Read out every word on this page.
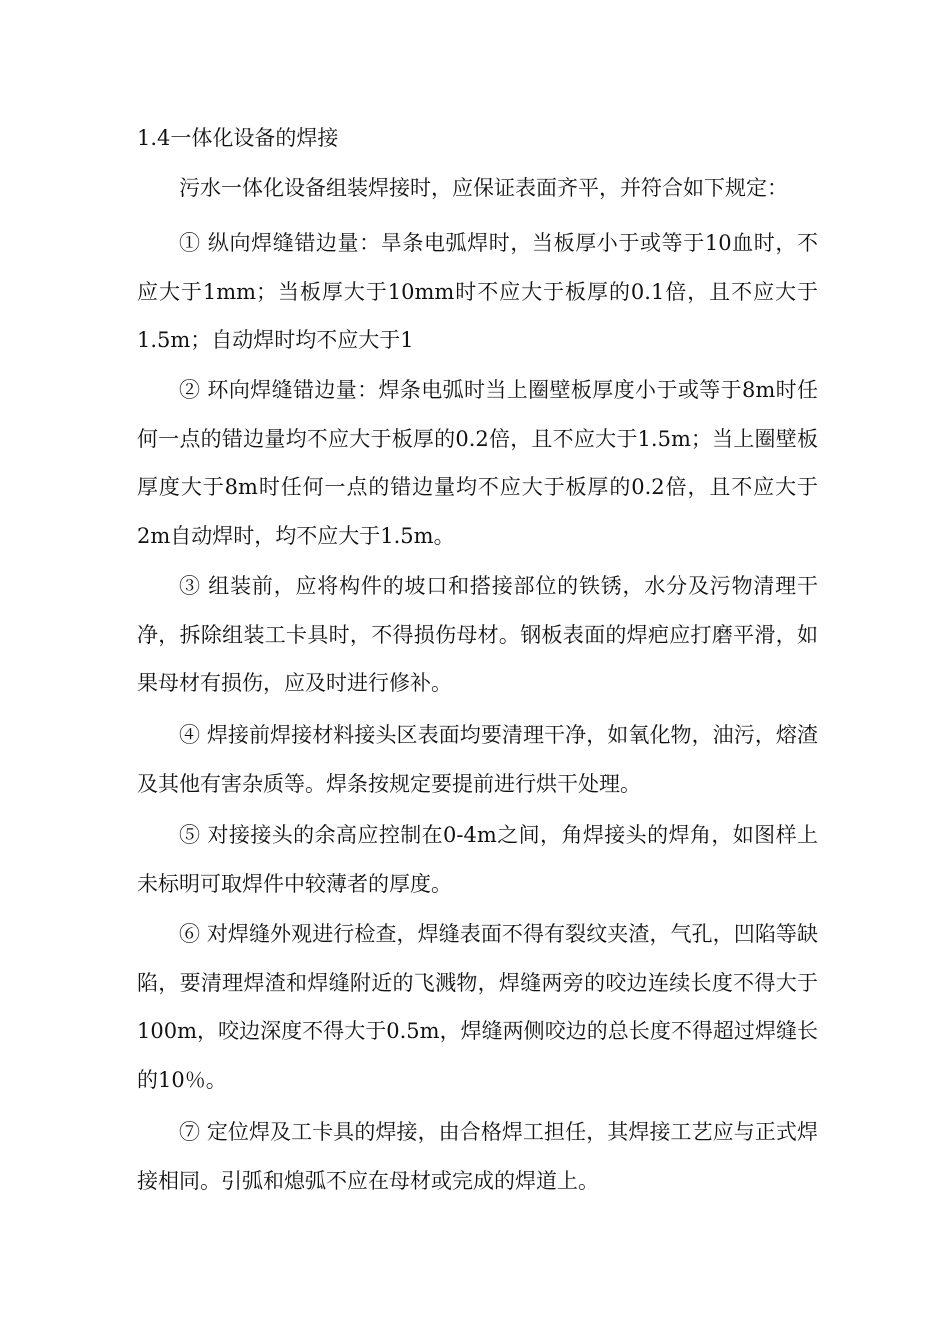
1.4一体化设备的焊接

污水一体化设备组装焊接时，应保证表面齐平，并符合如下规定：

① 纵向焊缝错边量：旱条电弧焊时，当板厚小于或等于10血时，不应大于1mm；当板厚大于10mm时不应大于板厚的0.1倍，且不应大于1.5m；自动焊时均不应大于1

② 环向焊缝错边量：焊条电弧时当上圈壁板厚度小于或等于8m时任何一点的错边量均不应大于板厚的0.2倍，且不应大于1.5m；当上圈壁板厚度大于8m时任何一点的错边量均不应大于板厚的0.2倍，且不应大于2m自动焊时，均不应大于1.5m。

③ 组装前，应将构件的坡口和搭接部位的铁锈，水分及污物清理干净，拆除组装工卡具时，不得损伤母材。钢板表面的焊疤应打磨平滑，如果母材有损伤，应及时进行修补。

④ 焊接前焊接材料接头区表面均要清理干净，如氧化物，油污，熔渣及其他有害杂质等。焊条按规定要提前进行烘干处理。

⑤ 对接接头的余高应控制在0-4m之间，角焊接头的焊角，如图样上未标明可取焊件中较薄者的厚度。

⑥ 对焊缝外观进行检查，焊缝表面不得有裂纹夹渣，气孔，凹陷等缺陷，要清理焊渣和焊缝附近的飞溅物，焊缝两旁的咬边连续长度不得大于100m，咬边深度不得大于0.5m，焊缝两侧咬边的总长度不得超过焊缝长的10％。

⑦ 定位焊及工卡具的焊接，由合格焊工担任，其焊接工艺应与正式焊接相同。引弧和熄弧不应在母材或完成的焊道上。
